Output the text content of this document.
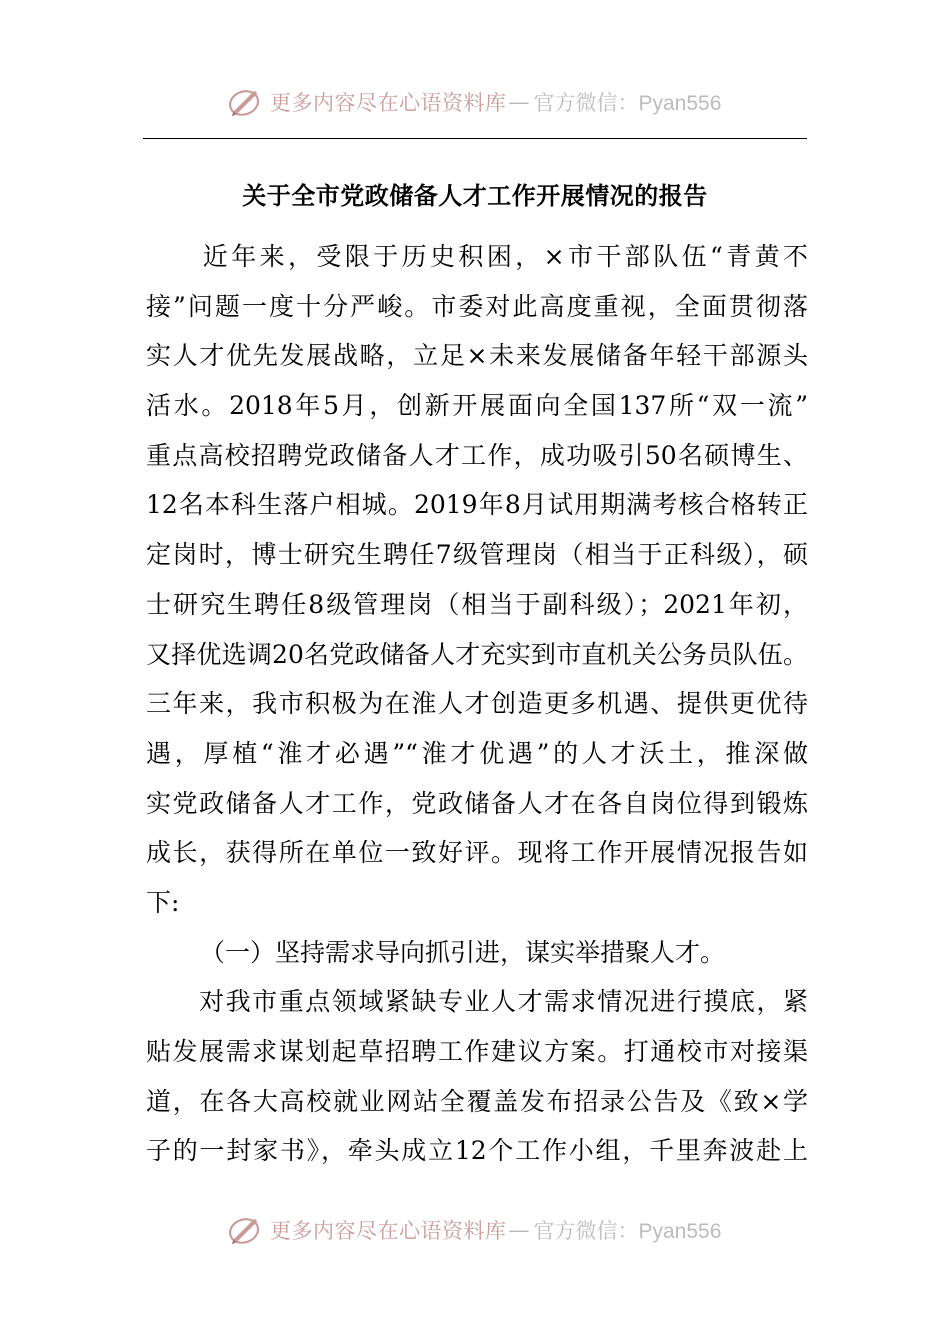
更多内容尽在心语资料库 — 官方微信：Pyan556
关于全市党政储备人才工作开展情况的报告
　　近年来，受限于历史积困，×市干部队伍“青黄不
接”问题一度十分严峻。市委对此高度重视，全面贯彻落
实人才优先发展战略，立足×未来发展储备年轻干部源头
活水。2018年5月，创新开展面向全国137所“双一流”
重点高校招聘党政储备人才工作，成功吸引50名硕博生、
12名本科生落户相城。2019年8月试用期满考核合格转正
定岗时，博士研究生聘任7级管理岗（相当于正科级），硕
士研究生聘任8级管理岗（相当于副科级）；2021年初，
又择优选调20名党政储备人才充实到市直机关公务员队伍。
三年来，我市积极为在淮人才创造更多机遇、提供更优待
遇，厚植“淮才必遇”“淮才优遇”的人才沃土，推深做
实党政储备人才工作，党政储备人才在各自岗位得到锻炼
成长，获得所在单位一致好评。现将工作开展情况报告如
下:
（一）坚持需求导向抓引进，谋实举措聚人才。
　　对我市重点领域紧缺专业人才需求情况进行摸底，紧
贴发展需求谋划起草招聘工作建议方案。打通校市对接渠
道，在各大高校就业网站全覆盖发布招录公告及《致×学
子的一封家书》，牵头成立12个工作小组，千里奔波赴上
更多内容尽在心语资料库 — 官方微信：Pyan556
